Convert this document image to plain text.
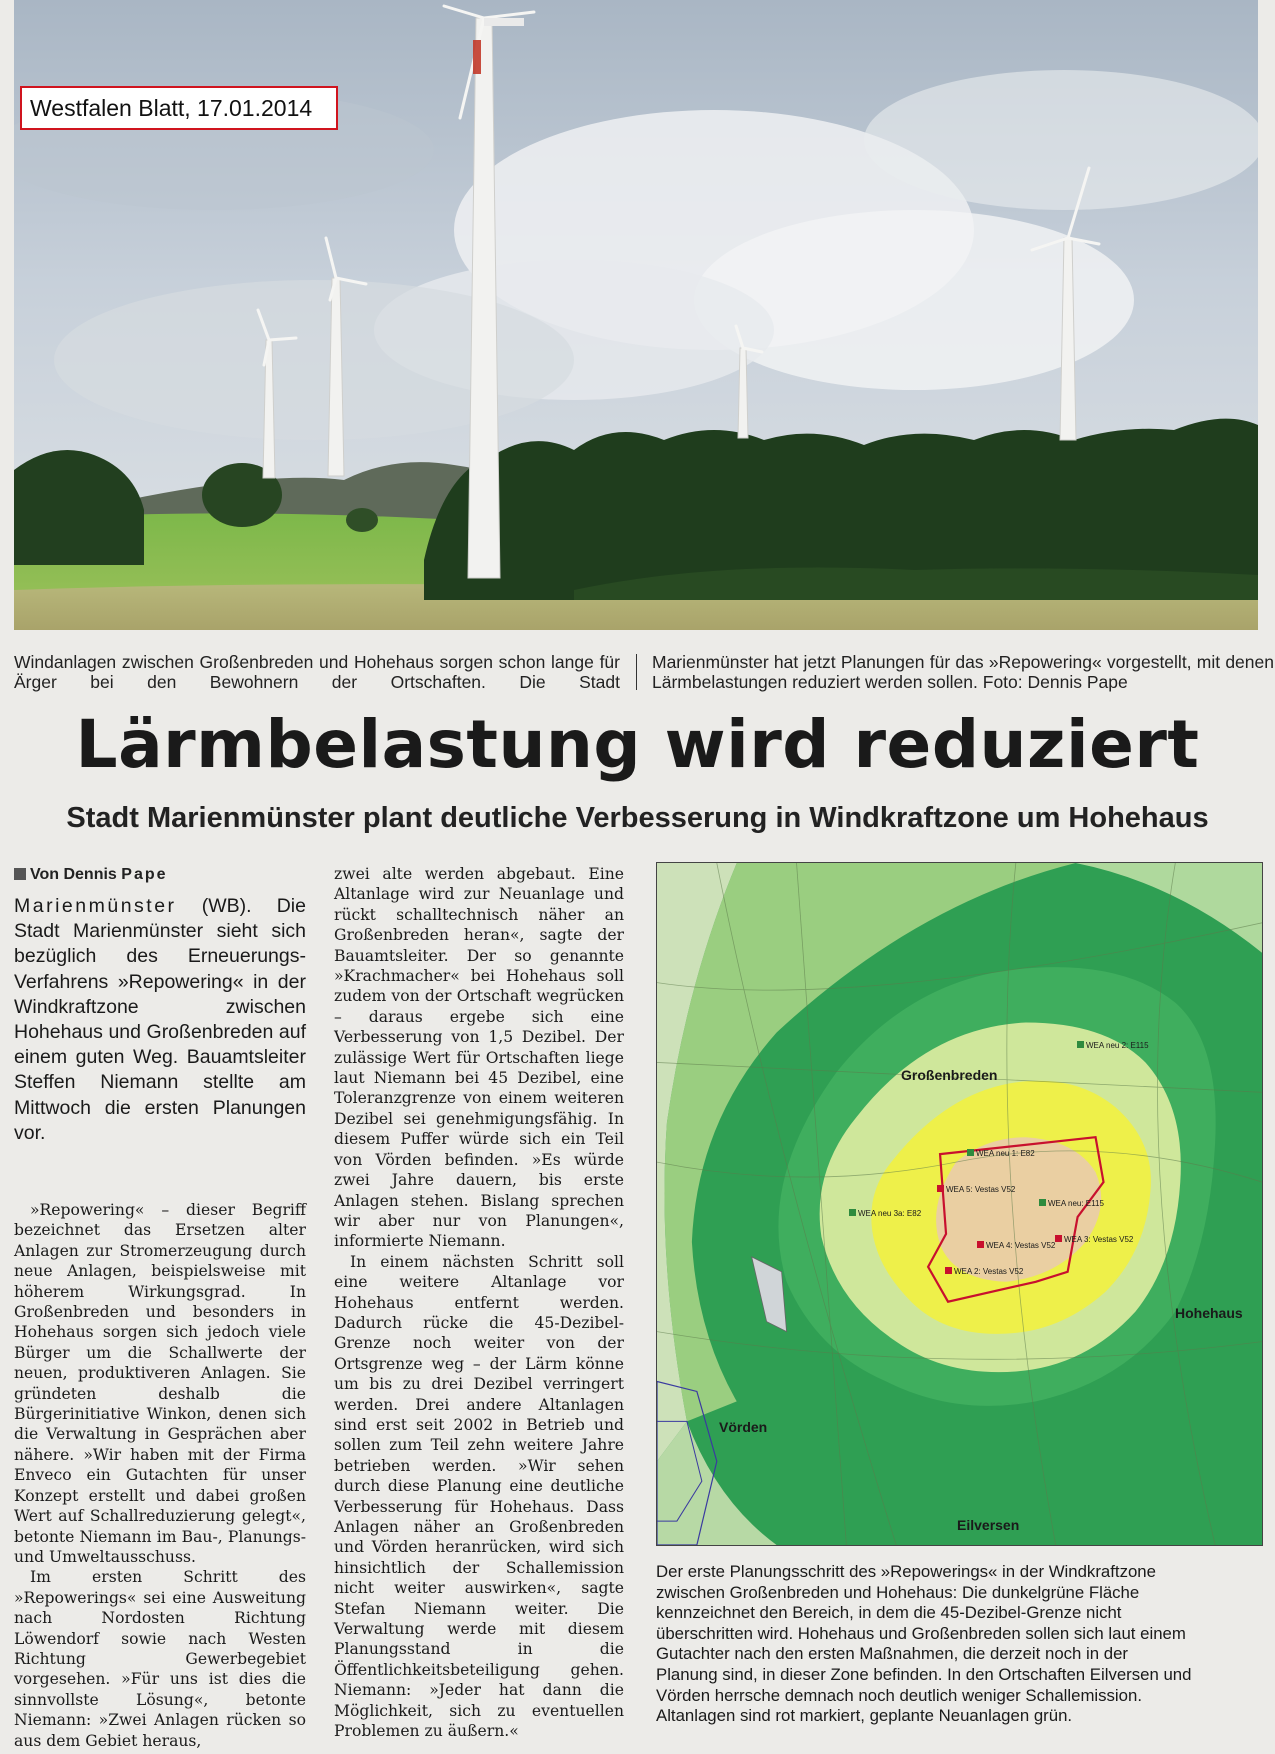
Westfalen Blatt, 17.01.2014
Windanlagen zwischen Großenbreden und Hohehaus sorgen schon lange für Ärger bei den Bewohnern der Ortschaften. Die Stadt
Marienmünster hat jetzt Planungen für das »Repowering« vorgestellt, mit denen Lärmbelastungen reduziert werden sollen. Foto: Dennis Pape
Lärmbelastung wird reduziert
Stadt Marienmünster plant deutliche Verbesserung in Windkraftzone um Hohehaus
Von Dennis Pape
Marienmünster (WB). Die Stadt Marienmünster sieht sich bezüglich des Erneuerungs-Verfahrens »Repowering« in der Windkraftzone zwischen Hohehaus und Großenbreden auf einem guten Weg. Bauamtsleiter Steffen Niemann stellte am Mittwoch die ersten Planungen vor.

»Repowering« – dieser Begriff bezeichnet das Ersetzen alter Anlagen zur Stromerzeugung durch neue Anlagen, beispielsweise mit höherem Wirkungsgrad. In Großenbreden und besonders in Hohehaus sorgen sich jedoch viele Bürger um die Schallwerte der neuen, produktiveren Anlagen. Sie gründeten deshalb die Bürgerinitiative Winkon, denen sich die Verwaltung in Gesprächen aber nähere. »Wir haben mit der Firma Enveco ein Gutachten für unser Konzept erstellt und dabei großen Wert auf Schallreduzierung gelegt«, betonte Niemann im Bau-, Planungs- und Umweltausschuss.

Im ersten Schritt des »Repowerings« sei eine Ausweitung nach Nordosten Richtung Löwendorf sowie nach Westen Richtung Gewerbegebiet vorgesehen. »Für uns ist dies die sinnvollste Lösung«, betonte Niemann: »Zwei Anlagen rücken so aus dem Gebiet heraus,

zwei alte werden abgebaut. Eine Altanlage wird zur Neuanlage und rückt schalltechnisch näher an Großenbreden heran«, sagte der Bauamtsleiter. Der so genannte »Krachmacher« bei Hohehaus soll zudem von der Ortschaft wegrücken – daraus ergebe sich eine Verbesserung von 1,5 Dezibel. Der zulässige Wert für Ortschaften liege laut Niemann bei 45 Dezibel, eine Toleranzgrenze von einem weiteren Dezibel sei genehmigungsfähig. In diesem Puffer würde sich ein Teil von Vörden befinden. »Es würde zwei Jahre dauern, bis erste Anlagen stehen. Bislang sprechen wir aber nur von Planungen«, informierte Niemann.

In einem nächsten Schritt soll eine weitere Altanlage vor Hohehaus entfernt werden. Dadurch rücke die 45-Dezibel-Grenze noch weiter von der Ortsgrenze weg – der Lärm könne um bis zu drei Dezibel verringert werden. Drei andere Altanlagen sind erst seit 2002 in Betrieb und sollen zum Teil zehn weitere Jahre betrieben werden. »Wir sehen durch diese Planung eine deutliche Verbesserung für Hohehaus. Dass Anlagen näher an Großenbreden und Vörden heranrücken, wird sich hinsichtlich der Schallemission nicht weiter auswirken«, sagte Stefan Niemann weiter. Die Verwaltung werde mit diesem Planungsstand in die Öffentlichkeitsbeteiligung gehen. Niemann: »Jeder hat dann die Möglichkeit, sich zu eventuellen Problemen zu äußern.«

WEA neu 2: E115
WEA neu 1: E82
WEA 5: Vestas V52
WEA neu 3a: E82
WEA neu: E115
WEA 3: Vestas V52
WEA 4: Vestas V52
WEA 2: Vestas V52
Großenbreden
Hohehaus
Vörden
Eilversen
Der erste Planungsschritt des »Repowerings« in der Windkraftzone
zwischen Großenbreden und Hohehaus: Die dunkelgrüne Fläche
kennzeichnet den Bereich, in dem die 45-Dezibel-Grenze nicht
überschritten wird. Hohehaus und Großenbreden sollen sich laut einem
Gutachter nach den ersten Maßnahmen, die derzeit noch in der
Planung sind, in dieser Zone befinden. In den Ortschaften Eilversen und
Vörden herrsche demnach noch deutlich weniger Schallemission.
Altanlagen sind rot markiert, geplante Neuanlagen grün.
